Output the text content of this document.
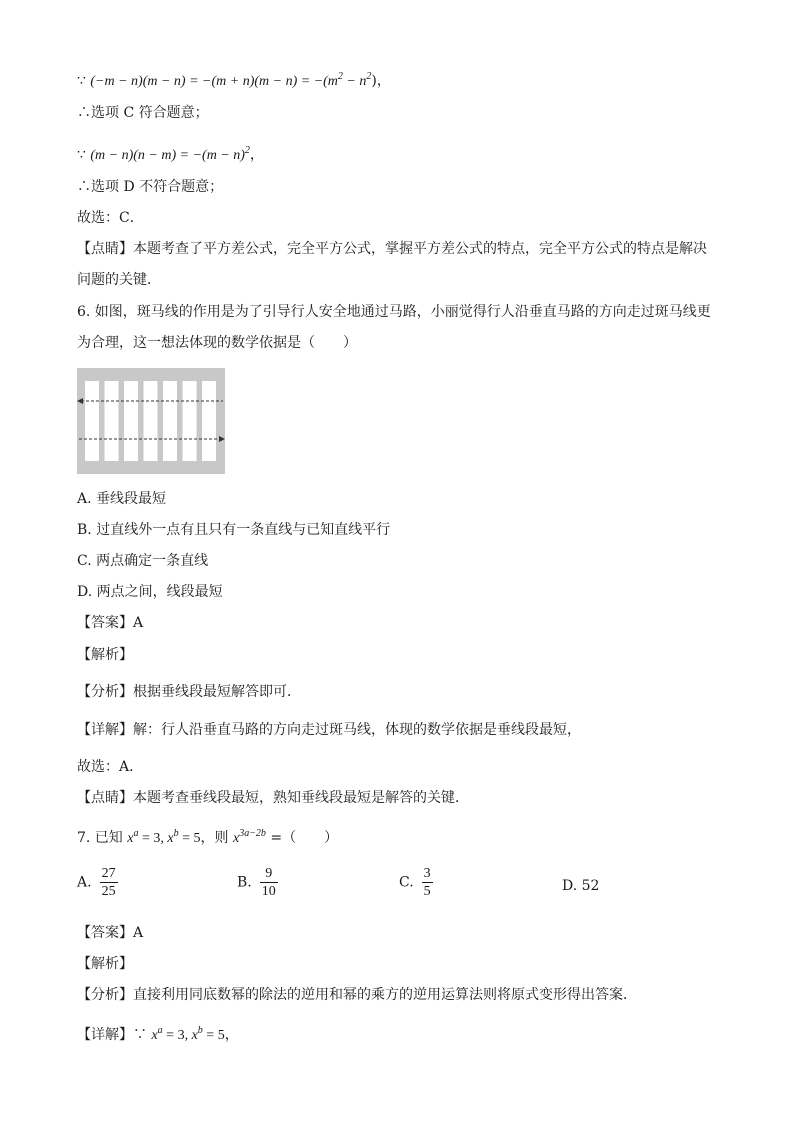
∵ $(-m - n)(m - n) = -(m + n)(m - n) = -(m^2 - n^2)$，
∴选项 C 符合题意；
∵ $(m - n)(n - m) = -(m - n)^2$，
∴选项 D 不符合题意；
故选：C．
【点睛】本题考查了平方差公式，完全平方公式，掌握平方差公式的特点，完全平方公式的特点是解决
问题的关键．
6. 如图，斑马线的作用是为了引导行人安全地通过马路，小丽觉得行人沿垂直马路的方向走过斑马线更
为合理，这一想法体现的数学依据是（　　）
A. 垂线段最短
B. 过直线外一点有且只有一条直线与已知直线平行
C. 两点确定一条直线
D. 两点之间，线段最短
【答案】A
【解析】
【分析】根据垂线段最短解答即可．
【详解】解：行人沿垂直马路的方向走过斑马线，体现的数学依据是垂线段最短，
故选：A．
【点睛】本题考查垂线段最短，熟知垂线段最短是解答的关键．
7. 已知 $x^a = 3$, $x^b = 5$，则 $x^{3a-2b}$ =（　　）
A. $\frac{27}{25}$	B. $\frac{9}{10}$	C. $\frac{3}{5}$	D. 52
【答案】A
【解析】
【分析】直接利用同底数幂的除法的逆用和幂的乘方的逆用运算法则将原式变形得出答案．
【详解】∵ $x^a = 3$, $x^b = 5$，
